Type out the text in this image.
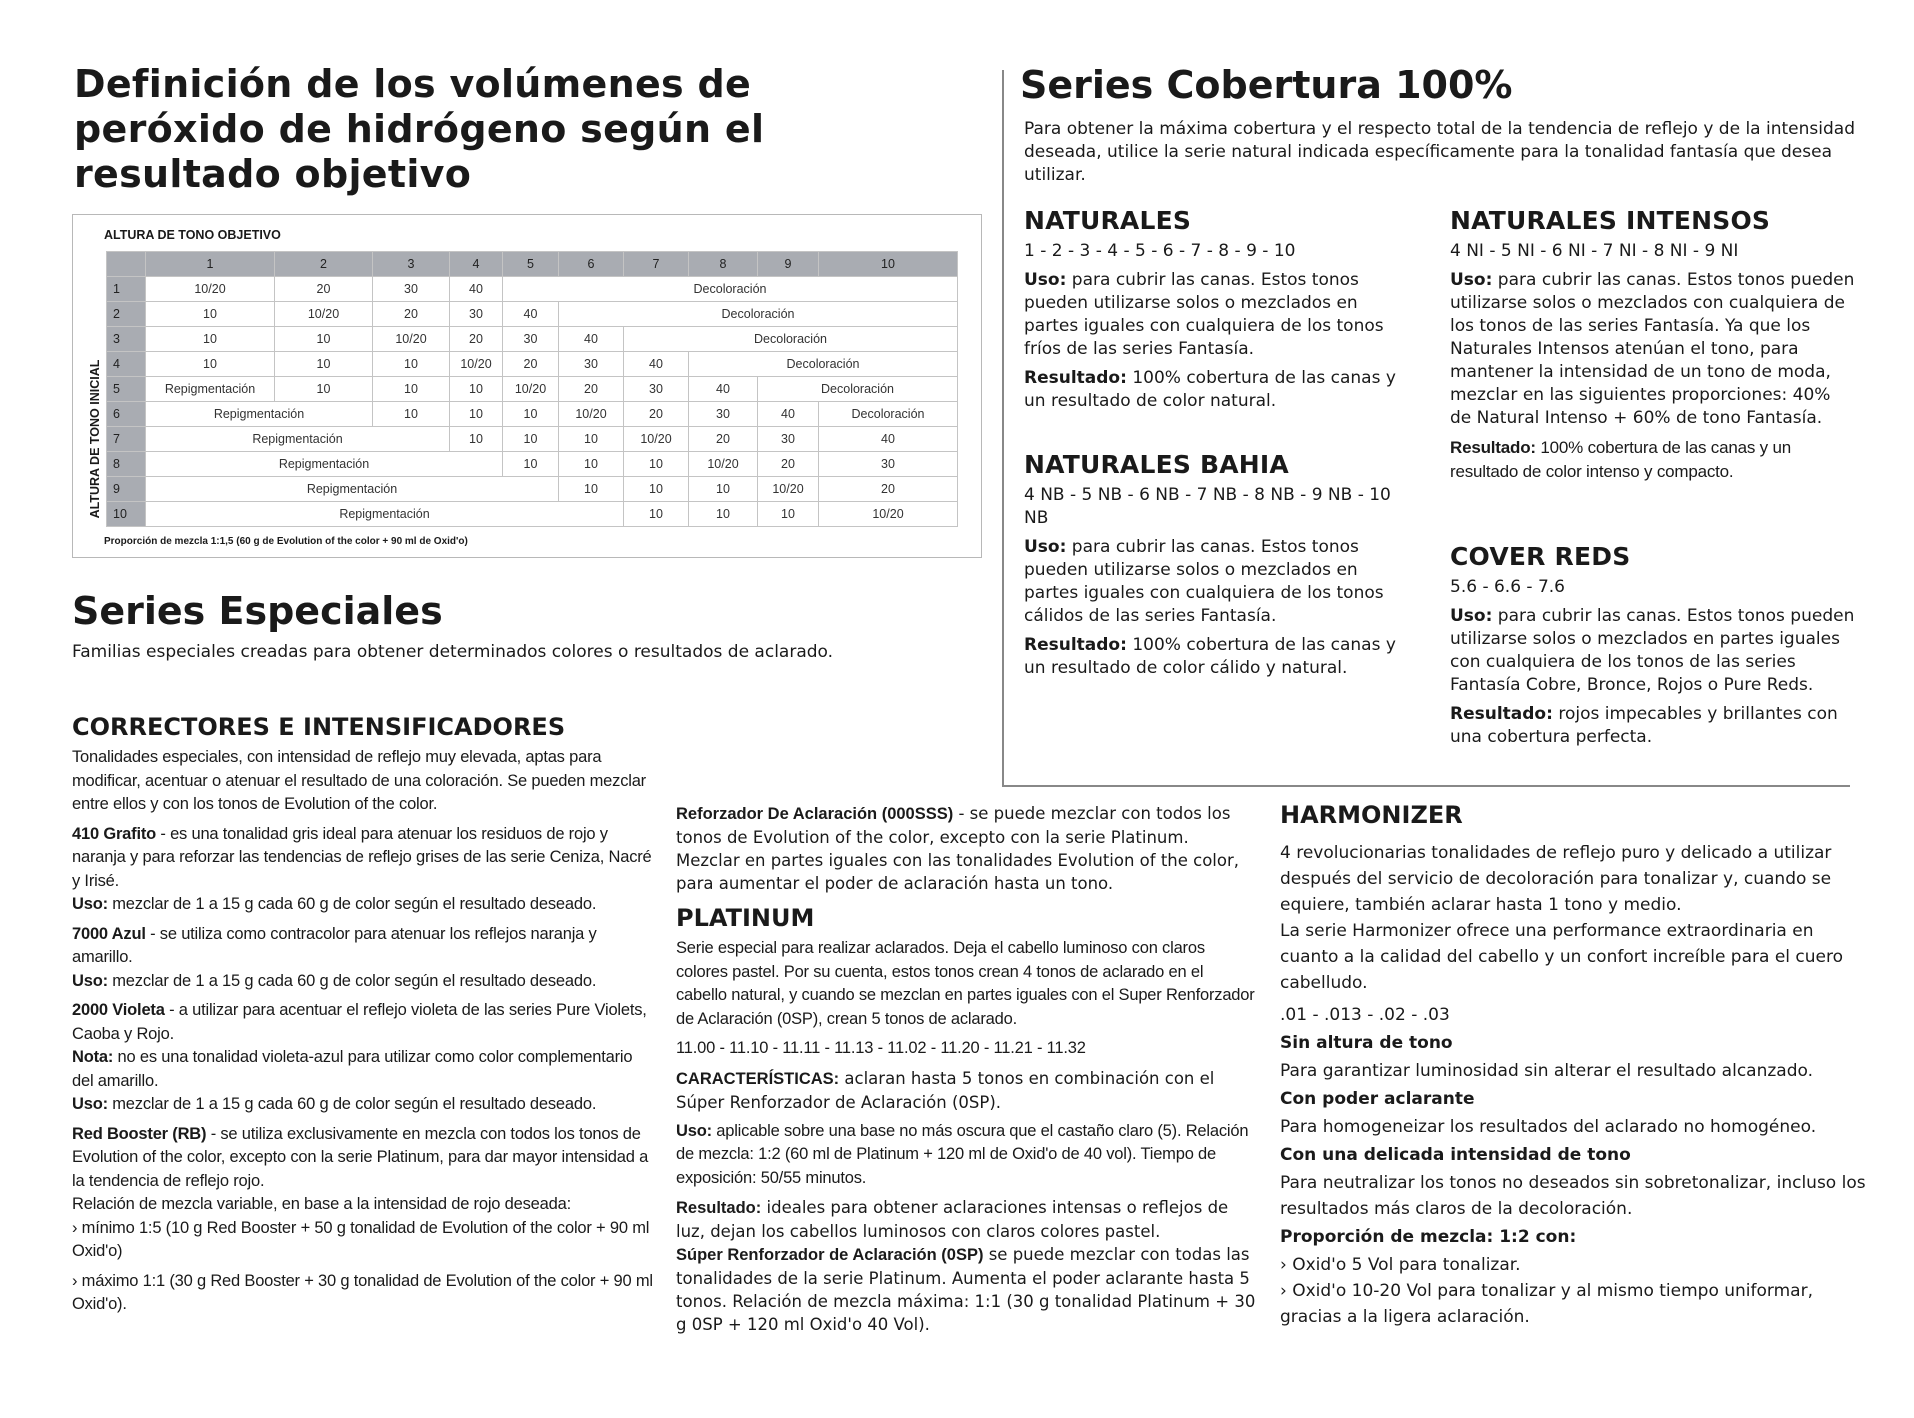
Definición de los volúmenes de peróxido de hidrógeno según el resultado objetivo
ALTURA DE TONO OBJETIVO
ALTURA DE TONO INICIAL
	1	2	3	4	5	6	7	8	9	10
1	10/20	20	30	40	Decoloración					
2	10	10/20	20	30	40	Decoloración				
3	10	10	10/20	20	30	40	Decoloración			
4	10	10	10	10/20	20	30	40	Decoloración		
5	Repigmentación	10	10	10	10/20	20	30	40	Decoloración	
6	Repigmentación		10	10	10	10/20	20	30	40	Decoloración
7	Repigmentación			10	10	10	10/20	20	30	40
8	Repigmentación				10	10	10	10/20	20	30
9	Repigmentación					10	10	10	10/20	20
10	Repigmentación						10	10	10	10/20
Proporción de mezcla 1:1,5 (60 g de Evolution of the color + 90 ml de Oxid'o)
Series Especiales

Familias especiales creadas para obtener determinados colores o resultados de aclarado.

CORRECTORES E INTENSIFICADORES

Tonalidades especiales, con intensidad de reflejo muy elevada, aptas para modificar, acentuar o atenuar el resultado de una coloración. Se pueden mezclar entre ellos y con los tonos de Evolution of the color.

410 Grafito - es una tonalidad gris ideal para atenuar los residuos de rojo y naranja y para reforzar las tendencias de reflejo grises de las serie Ceniza, Nacré y Irisé.

Uso: mezclar de 1 a 15 g cada 60 g de color según el resultado deseado.

7000 Azul - se utiliza como contracolor para atenuar los reflejos naranja y amarillo.

Uso: mezclar de 1 a 15 g cada 60 g de color según el resultado deseado.

2000 Violeta - a utilizar para acentuar el reflejo violeta de las series Pure Violets, Caoba y Rojo.

Nota: no es una tonalidad violeta-azul para utilizar como color complementario del amarillo.

Uso: mezclar de 1 a 15 g cada 60 g de color según el resultado deseado.

Red Booster (RB) - se utiliza exclusivamente en mezcla con todos los tonos de Evolution of the color, excepto con la serie Platinum, para dar mayor intensidad a la tendencia de reflejo rojo.

Relación de mezcla variable, en base a la intensidad de rojo deseada:

› mínimo 1:5 (10 g Red Booster + 50 g tonalidad de Evolution of the color + 90 ml Oxid'o)

› máximo 1:1 (30 g Red Booster + 30 g tonalidad de Evolution of the color + 90 ml Oxid'o).

Reforzador De Aclaración (000SSS) - se puede mezclar con todos los tonos de Evolution of the color, excepto con la serie Platinum. Mezclar en partes iguales con las tonalidades Evolution of the color, para aumentar el poder de aclaración hasta un tono.

PLATINUM

Serie especial para realizar aclarados. Deja el cabello luminoso con claros colores pastel. Por su cuenta, estos tonos crean 4 tonos de aclarado en el cabello natural, y cuando se mezclan en partes iguales con el Super Renforzador de Aclaración (0SP), crean 5 tonos de aclarado.

11.00 - 11.10 - 11.11 - 11.13 - 11.02 - 11.20 - 11.21 - 11.32

CARACTERÍSTICAS: aclaran hasta 5 tonos en combinación con el Súper Renforzador de Aclaración (0SP).

Uso: aplicable sobre una base no más oscura que el castaño claro (5). Relación de mezcla: 1:2 (60 ml de Platinum + 120 ml de Oxid'o de 40 vol). Tiempo de exposición: 50/55 minutos.

Resultado: ideales para obtener aclaraciones intensas o reflejos de luz, dejan los cabellos luminosos con claros colores pastel.

Súper Renforzador de Aclaración (0SP) se puede mezclar con todas las tonalidades de la serie Platinum. Aumenta el poder aclarante hasta 5 tonos. Relación de mezcla máxima: 1:1 (30 g tonalidad Platinum + 30 g 0SP + 120 ml Oxid'o 40 Vol).

Series Cobertura 100%

Para obtener la máxima cobertura y el respecto total de la tendencia de reflejo y de la intensidad deseada, utilice la serie natural indicada específicamente para la tonalidad fantasía que desea utilizar.

NATURALES

1 - 2 - 3 - 4 - 5 - 6 - 7 - 8 - 9 - 10

Uso: para cubrir las canas. Estos tonos pueden utilizarse solos o mezclados en partes iguales con cualquiera de los tonos fríos de las series Fantasía.

Resultado: 100% cobertura de las canas y un resultado de color natural.

NATURALES BAHIA

4 NB - 5 NB - 6 NB - 7 NB - 8 NB - 9 NB - 10 NB

Uso: para cubrir las canas. Estos tonos pueden utilizarse solos o mezclados en partes iguales con cualquiera de los tonos cálidos de las series Fantasía.

Resultado: 100% cobertura de las canas y un resultado de color cálido y natural.

NATURALES INTENSOS

4 NI - 5 NI - 6 NI - 7 NI - 8 NI - 9 NI

Uso: para cubrir las canas. Estos tonos pueden utilizarse solos o mezclados con cualquiera de los tonos de las series Fantasía. Ya que los Naturales Intensos atenúan el tono, para mantener la intensidad de un tono de moda, mezclar en las siguientes proporciones: 40% de Natural Intenso + 60% de tono Fantasía.

Resultado: 100% cobertura de las canas y un resultado de color intenso y compacto.

COVER REDS

5.6 - 6.6 - 7.6

Uso: para cubrir las canas. Estos tonos pueden utilizarse solos o mezclados en partes iguales con cualquiera de los tonos de las series Fantasía Cobre, Bronce, Rojos o Pure Reds.

Resultado: rojos impecables y brillantes con una cobertura perfecta.

HARMONIZER

4 revolucionarias tonalidades de reflejo puro y delicado a utilizar después del servicio de decoloración para tonalizar y, cuando se equiere, también aclarar hasta 1 tono y medio.

La serie Harmonizer ofrece una performance extraordinaria en cuanto a la calidad del cabello y un confort increíble para el cuero cabelludo.

.01 - .013 - .02 - .03

Sin altura de tono

Para garantizar luminosidad sin alterar el resultado alcanzado.

Con poder aclarante

Para homogeneizar los resultados del aclarado no homogéneo.

Con una delicada intensidad de tono

Para neutralizar los tonos no deseados sin sobretonalizar, incluso los resultados más claros de la decoloración.

Proporción de mezcla: 1:2 con:

› Oxid'o 5 Vol para tonalizar.

› Oxid'o 10-20 Vol para tonalizar y al mismo tiempo uniformar, gracias a la ligera aclaración.
